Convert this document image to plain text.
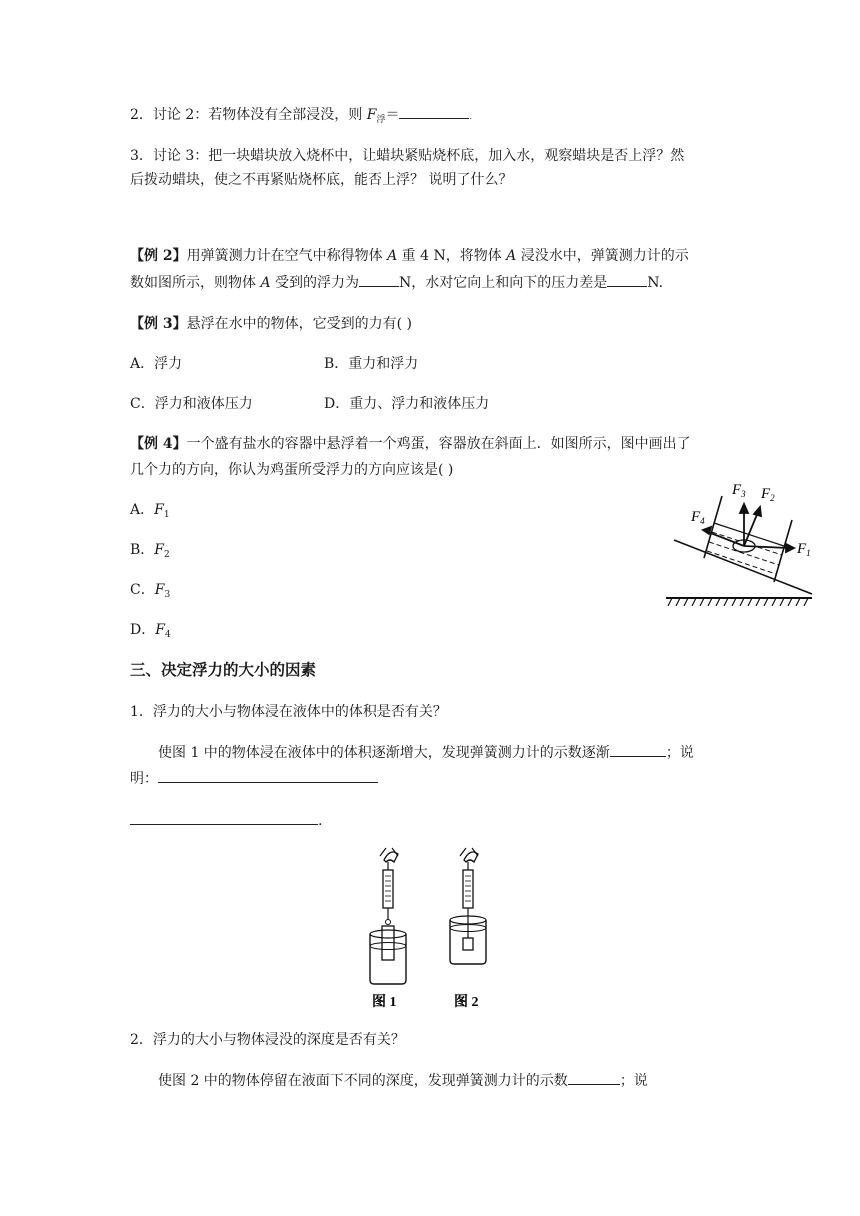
2．讨论 2：若物体没有全部浸没，则 $F_浮=$	.
3．讨论 3：把一块蜡块放入烧杯中，让蜡块紧贴烧杯底，加入水，观察蜡块是否上浮？然
后拨动蜡块，使之不再紧贴烧杯底，能否上浮？ 说明了什么？
【例 2】用弹簧测力计在空气中称得物体 A 重 4 N，将物体 A 浸没水中，弹簧测力计的示
数如图所示，则物体 A 受到的浮力为	N，水对它向上和向下的压力差是	N.
【例 3】悬浮在水中的物体，它受到的力有( )
A．浮力	B．重力和浮力
C．浮力和液体压力	D．重力、浮力和液体压力
【例 4】一个盛有盐水的容器中悬浮着一个鸡蛋，容器放在斜面上．如图所示，图中画出了
几个力的方向，你认为鸡蛋所受浮力的方向应该是( )
A．$F_1$
B．$F_2$
C．$F_3$
D．$F_4$
$F_3$ $F_2$
$F_4$
$F_1$
三、决定浮力的大小的因素
1．浮力的大小与物体浸在液体中的体积是否有关？
使图 1 中的物体浸在液体中的体积逐渐增大，发现弹簧测力计的示数逐渐	；说
明：
.
图 1	图 2
2．浮力的大小与物体浸没的深度是否有关？
使图 2 中的物体停留在液面下不同的深度，发现弹簧测力计的示数	；说
